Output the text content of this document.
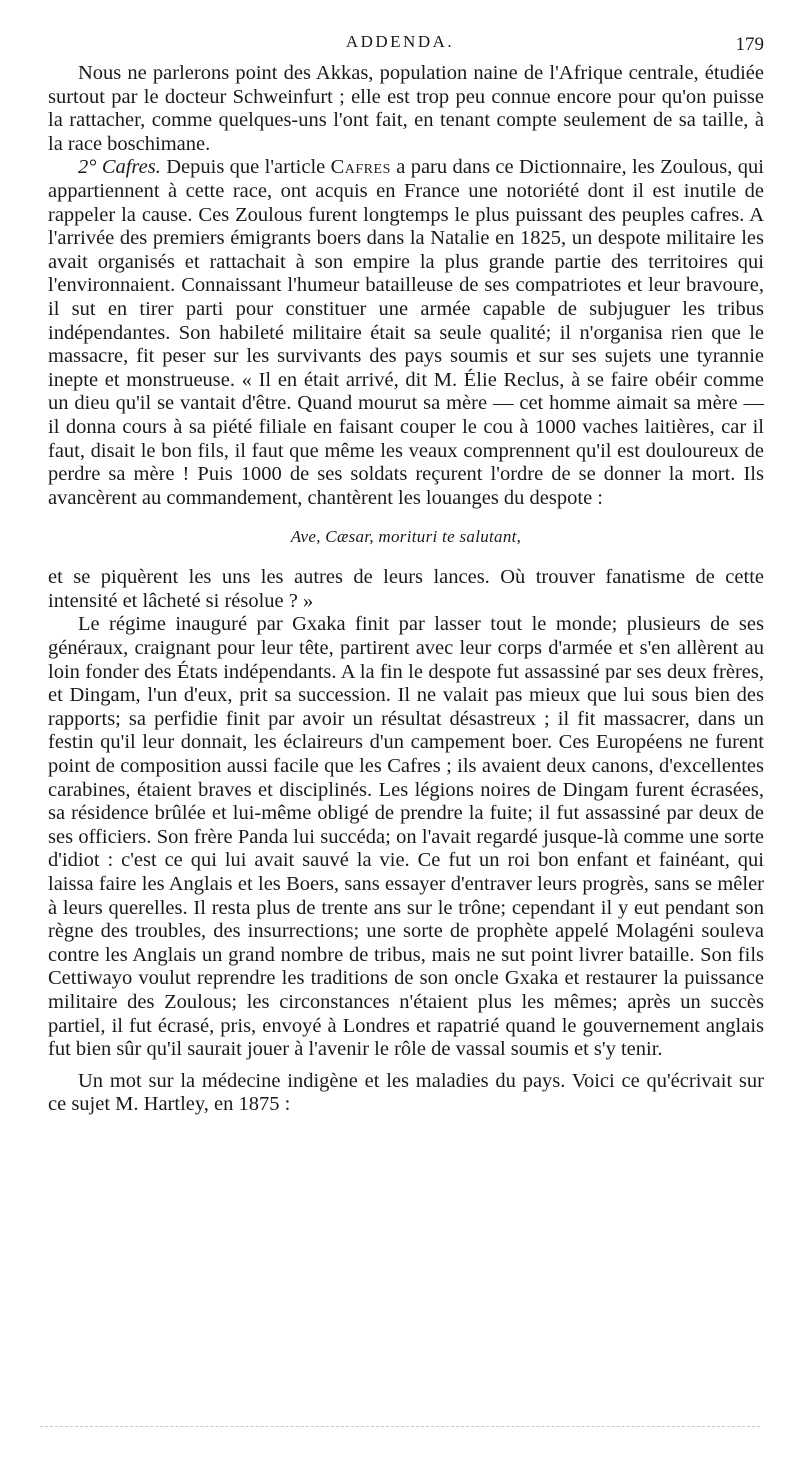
ADDENDA.	179

Nous ne parlerons point des Akkas, population naine de l'Afrique centrale, étudiée surtout par le docteur Schweinfurt ; elle est trop peu connue encore pour qu'on puisse la rattacher, comme quelques-uns l'ont fait, en tenant compte seulement de sa taille, à la race boschimane.

2° Cafres. Depuis que l'article Cafres a paru dans ce Dictionnaire, les Zoulous, qui appartiennent à cette race, ont acquis en France une notoriété dont il est inutile de rappeler la cause. Ces Zoulous furent longtemps le plus puissant des peuples cafres. A l'arrivée des premiers émigrants boers dans la Natalie en 1825, un despote militaire les avait organisés et rattachait à son empire la plus grande partie des territoires qui l'environnaient. Connaissant l'humeur batailleuse de ses compatriotes et leur bravoure, il sut en tirer parti pour constituer une armée capable de subjuguer les tribus indépendantes. Son habileté militaire était sa seule qualité; il n'organisa rien que le massacre, fit peser sur les survivants des pays soumis et sur ses sujets une tyrannie inepte et monstrueuse. « Il en était arrivé, dit M. Élie Reclus, à se faire obéir comme un dieu qu'il se vantait d'être. Quand mourut sa mère — cet homme aimait sa mère — il donna cours à sa piété filiale en faisant couper le cou à 1000 vaches laitières, car il faut, disait le bon fils, il faut que même les veaux comprennent qu'il est douloureux de perdre sa mère ! Puis 1000 de ses soldats reçurent l'ordre de se donner la mort. Ils avancèrent au commandement, chantèrent les louanges du despote :

Ave, Cæsar, morituri te salutant,

et se piquèrent les uns les autres de leurs lances. Où trouver fanatisme de cette intensité et lâcheté si résolue ? »

Le régime inauguré par Gxaka finit par lasser tout le monde; plusieurs de ses généraux, craignant pour leur tête, partirent avec leur corps d'armée et s'en allèrent au loin fonder des États indépendants. A la fin le despote fut assassiné par ses deux frères, et Dingam, l'un d'eux, prit sa succession. Il ne valait pas mieux que lui sous bien des rapports; sa perfidie finit par avoir un résultat désastreux ; il fit massacrer, dans un festin qu'il leur donnait, les éclaireurs d'un campement boer. Ces Européens ne furent point de composition aussi facile que les Cafres ; ils avaient deux canons, d'excellentes carabines, étaient braves et disciplinés. Les légions noires de Dingam furent écrasées, sa résidence brûlée et lui-même obligé de prendre la fuite; il fut assassiné par deux de ses officiers. Son frère Panda lui succéda; on l'avait regardé jusque-là comme une sorte d'idiot : c'est ce qui lui avait sauvé la vie. Ce fut un roi bon enfant et fainéant, qui laissa faire les Anglais et les Boers, sans essayer d'entraver leurs progrès, sans se mêler à leurs querelles. Il resta plus de trente ans sur le trône; cependant il y eut pendant son règne des troubles, des insurrections; une sorte de prophète appelé Molagéni souleva contre les Anglais un grand nombre de tribus, mais ne sut point livrer bataille. Son fils Cettiwayo voulut reprendre les traditions de son oncle Gxaka et restaurer la puissance militaire des Zoulous; les circonstances n'étaient plus les mêmes; après un succès partiel, il fut écrasé, pris, envoyé à Londres et rapatrié quand le gouvernement anglais fut bien sûr qu'il saurait jouer à l'avenir le rôle de vassal soumis et s'y tenir.

Un mot sur la médecine indigène et les maladies du pays. Voici ce qu'écrivait sur ce sujet M. Hartley, en 1875 :
